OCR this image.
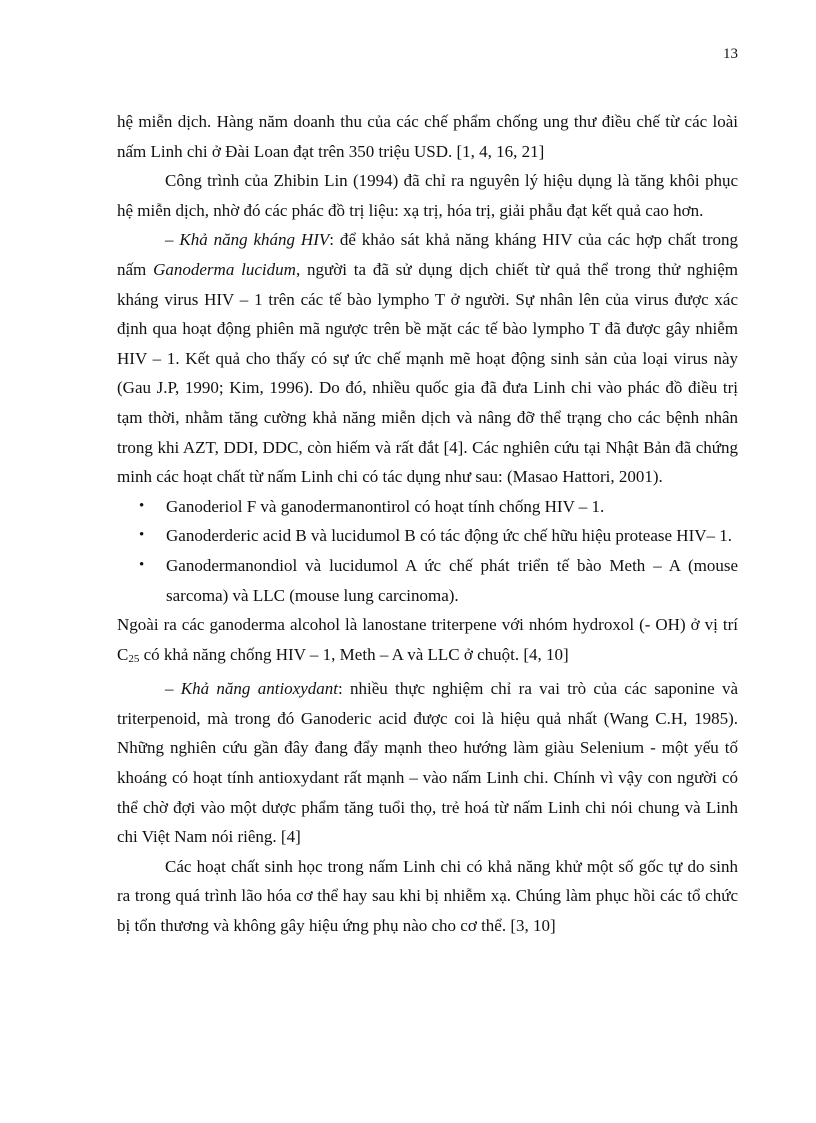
13

hệ miễn dịch. Hàng năm doanh thu của các chế phẩm chống ung thư điều chế từ các loài nấm Linh chi ở Đài Loan đạt trên 350 triệu USD. [1, 4, 16, 21]

Công trình của Zhibin Lin (1994) đã chỉ ra nguyên lý hiệu dụng là tăng khôi phục hệ miễn dịch, nhờ đó các phác đồ trị liệu: xạ trị, hóa trị, giải phẫu đạt kết quả cao hơn.

– Khả năng kháng HIV: để khảo sát khả năng kháng HIV của các hợp chất trong nấm Ganoderma lucidum, người ta đã sử dụng dịch chiết từ quả thể trong thử nghiệm kháng virus HIV – 1 trên các tế bào lympho T ở người. Sự nhân lên của virus được xác định qua hoạt động phiên mã ngược trên bề mặt các tế bào lympho T đã được gây nhiễm HIV – 1. Kết quả cho thấy có sự ức chế mạnh mẽ hoạt động sinh sản của loại virus này (Gau J.P, 1990; Kim, 1996). Do đó, nhiều quốc gia đã đưa Linh chi vào phác đồ điều trị tạm thời, nhằm tăng cường khả năng miễn dịch và nâng đỡ thể trạng cho các bệnh nhân trong khi AZT, DDI, DDC, còn hiếm và rất đắt [4]. Các nghiên cứu tại Nhật Bản đã chứng minh các hoạt chất từ nấm Linh chi có tác dụng như sau: (Masao Hattori, 2001).

• Ganoderiol F và ganodermanontirol có hoạt tính chống HIV – 1.
• Ganoderderic acid B và lucidumol B có tác động ức chế hữu hiệu protease HIV– 1.
• Ganodermanondiol và lucidumol A ức chế phát triển tế bào Meth – A (mouse sarcoma) và LLC (mouse lung carcinoma).

Ngoài ra các ganoderma alcohol là lanostane triterpene với nhóm hydroxol (- OH) ở vị trí C25 có khả năng chống HIV – 1, Meth – A và LLC ở chuột. [4, 10]

– Khả năng antioxydant: nhiều thực nghiệm chỉ ra vai trò của các saponine và triterpenoid, mà trong đó Ganoderic acid được coi là hiệu quả nhất (Wang C.H, 1985). Những nghiên cứu gần đây đang đẩy mạnh theo hướng làm giàu Selenium - một yếu tố khoáng có hoạt tính antioxydant rất mạnh – vào nấm Linh chi. Chính vì vậy con người có thể chờ đợi vào một dược phẩm tăng tuổi thọ, trẻ hoá từ nấm Linh chi nói chung và Linh chi Việt Nam nói riêng. [4]

Các hoạt chất sinh học trong nấm Linh chi có khả năng khử một số gốc tự do sinh ra trong quá trình lão hóa cơ thể hay sau khi bị nhiễm xạ. Chúng làm phục hồi các tổ chức bị tổn thương và không gây hiệu ứng phụ nào cho cơ thể. [3, 10]
